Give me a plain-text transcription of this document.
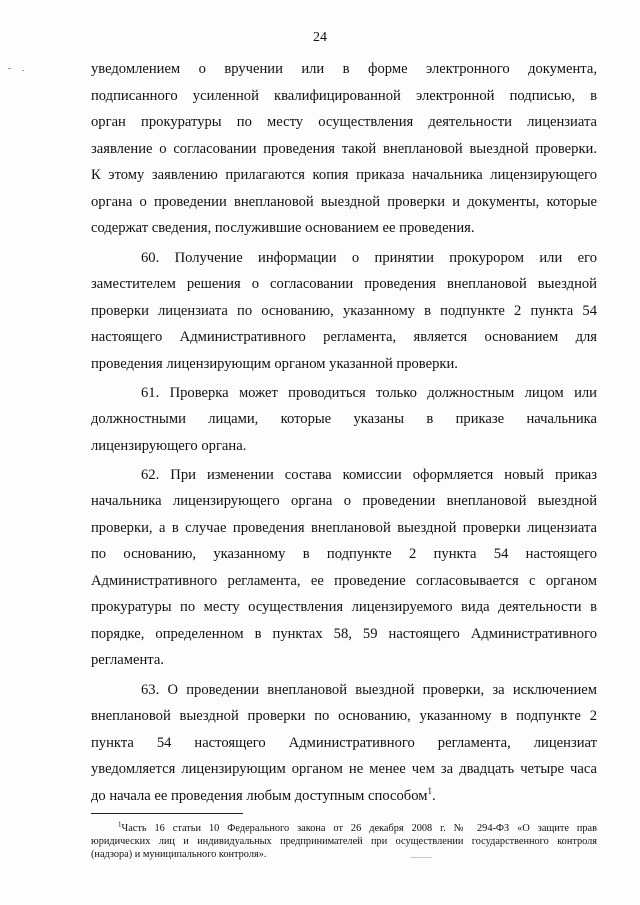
24
уведомлением о вручении или в форме электронного документа,
подписанного усиленной квалифицированной электронной подписью, в
орган прокуратуры по месту осуществления деятельности лицензиата
заявление о согласовании проведения такой внеплановой выездной проверки.
К этому заявлению прилагаются копия приказа начальника лицензирующего
органа о проведении внеплановой выездной проверки и документы, которые
содержат сведения, послужившие основанием ее проведения.
60. Получение информации о принятии прокурором или его
заместителем решения о согласовании проведения внеплановой выездной
проверки лицензиата по основанию, указанному в подпункте 2 пункта 54
настоящего Административного регламента, является основанием для
проведения лицензирующим органом указанной проверки.
61. Проверка может проводиться только должностным лицом или
должностными лицами, которые указаны в приказе начальника
лицензирующего органа.
62. При изменении состава комиссии оформляется новый приказ
начальника лицензирующего органа о проведении внеплановой выездной
проверки, а в случае проведения внеплановой выездной проверки лицензиата
по основанию, указанному в подпункте 2 пункта 54 настоящего
Административного регламента, ее проведение согласовывается с органом
прокуратуры по месту осуществления лицензируемого вида деятельности в
порядке, определенном в пунктах 58, 59 настоящего Административного
регламента.
63. О проведении внеплановой выездной проверки, за исключением
внеплановой выездной проверки по основанию, указанному в подпункте 2
пункта 54 настоящего Административного регламента, лицензиат
уведомляется лицензирующим органом не менее чем за двадцать четыре часа
до начала ее проведения любым доступным способом$^1$.
$^1$Часть 16 статьи 10 Федерального закона от 26 декабря 2008 г. № 294-ФЗ «О защите прав
юридических лиц и индивидуальных предпринимателей при осуществлении государственного контроля
(надзора) и муниципального контроля».
